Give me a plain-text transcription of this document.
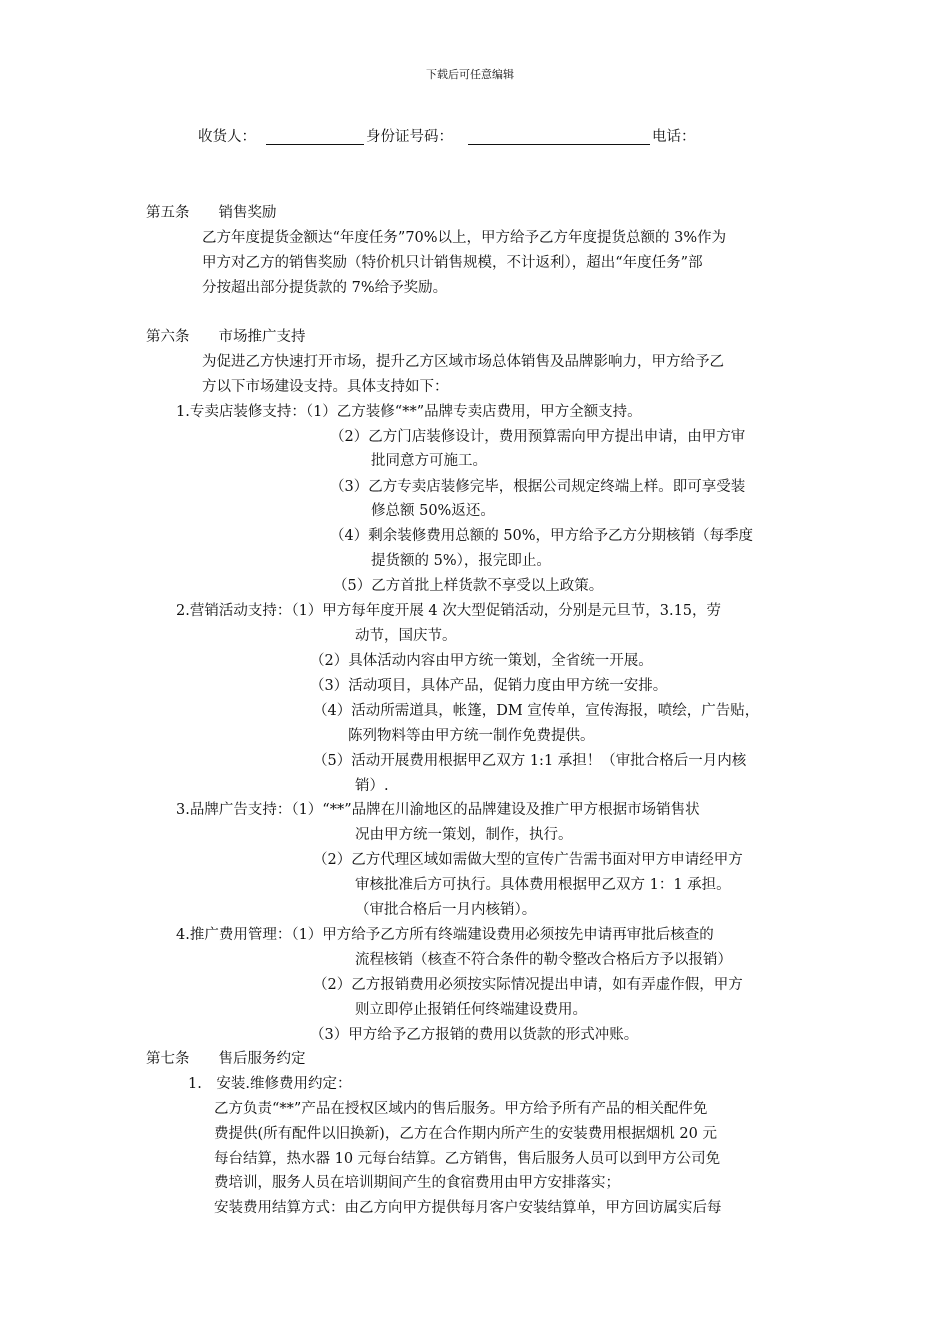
下载后可任意编辑
收货人：	身份证号码：	电话：
第五条　　销售奖励
乙方年度提货金额达“年度任务”70%以上，甲方给予乙方年度提货总额的 3%作为
甲方对乙方的销售奖励（特价机只计销售规模，不计返利），超出“年度任务”部
分按超出部分提货款的 7%给予奖励。
第六条　　市场推广支持
为促进乙方快速打开市场，提升乙方区域市场总体销售及品牌影响力，甲方给予乙
方以下市场建设支持。具体支持如下：
1.专卖店装修支持：（1）乙方装修“**”品牌专卖店费用，甲方全额支持。
（2）乙方门店装修设计，费用预算需向甲方提出申请，由甲方审
批同意方可施工。
（3）乙方专卖店装修完毕，根据公司规定终端上样。即可享受装
修总额 50%返还。
（4）剩余装修费用总额的 50%，甲方给予乙方分期核销（每季度
提货额的 5%），报完即止。
（5）乙方首批上样货款不享受以上政策。
2.营销活动支持：（1）甲方每年度开展 4 次大型促销活动，分别是元旦节，3.15，劳
动节，国庆节。
（2）具体活动内容由甲方统一策划，全省统一开展。
（3）活动项目，具体产品，促销力度由甲方统一安排。
（4）活动所需道具，帐篷，DM 宣传单，宣传海报，喷绘，广告贴，
陈列物料等由甲方统一制作免费提供。
（5）活动开展费用根据甲乙双方 1:1 承担！（审批合格后一月内核
销）.
3.品牌广告支持：（1）“**”品牌在川渝地区的品牌建设及推广甲方根据市场销售状
况由甲方统一策划，制作，执行。
（2）乙方代理区域如需做大型的宣传广告需书面对甲方申请经甲方
审核批准后方可执行。具体费用根据甲乙双方 1：1 承担。
（审批合格后一月内核销）。
4.推广费用管理：（1）甲方给予乙方所有终端建设费用必须按先申请再审批后核查的
流程核销（核查不符合条件的勒令整改合格后方予以报销）
（2）乙方报销费用必须按实际情况提出申请，如有弄虚作假，甲方
则立即停止报销任何终端建设费用。
（3）甲方给予乙方报销的费用以货款的形式冲账。
第七条　　售后服务约定
1.　安装.维修费用约定：
乙方负责“**”产品在授权区域内的售后服务。甲方给予所有产品的相关配件免
费提供(所有配件以旧换新)，乙方在合作期内所产生的安装费用根据烟机 20 元
每台结算，热水器 10 元每台结算。乙方销售，售后服务人员可以到甲方公司免
费培训，服务人员在培训期间产生的食宿费用由甲方安排落实；
安装费用结算方式：由乙方向甲方提供每月客户安装结算单，甲方回访属实后每
